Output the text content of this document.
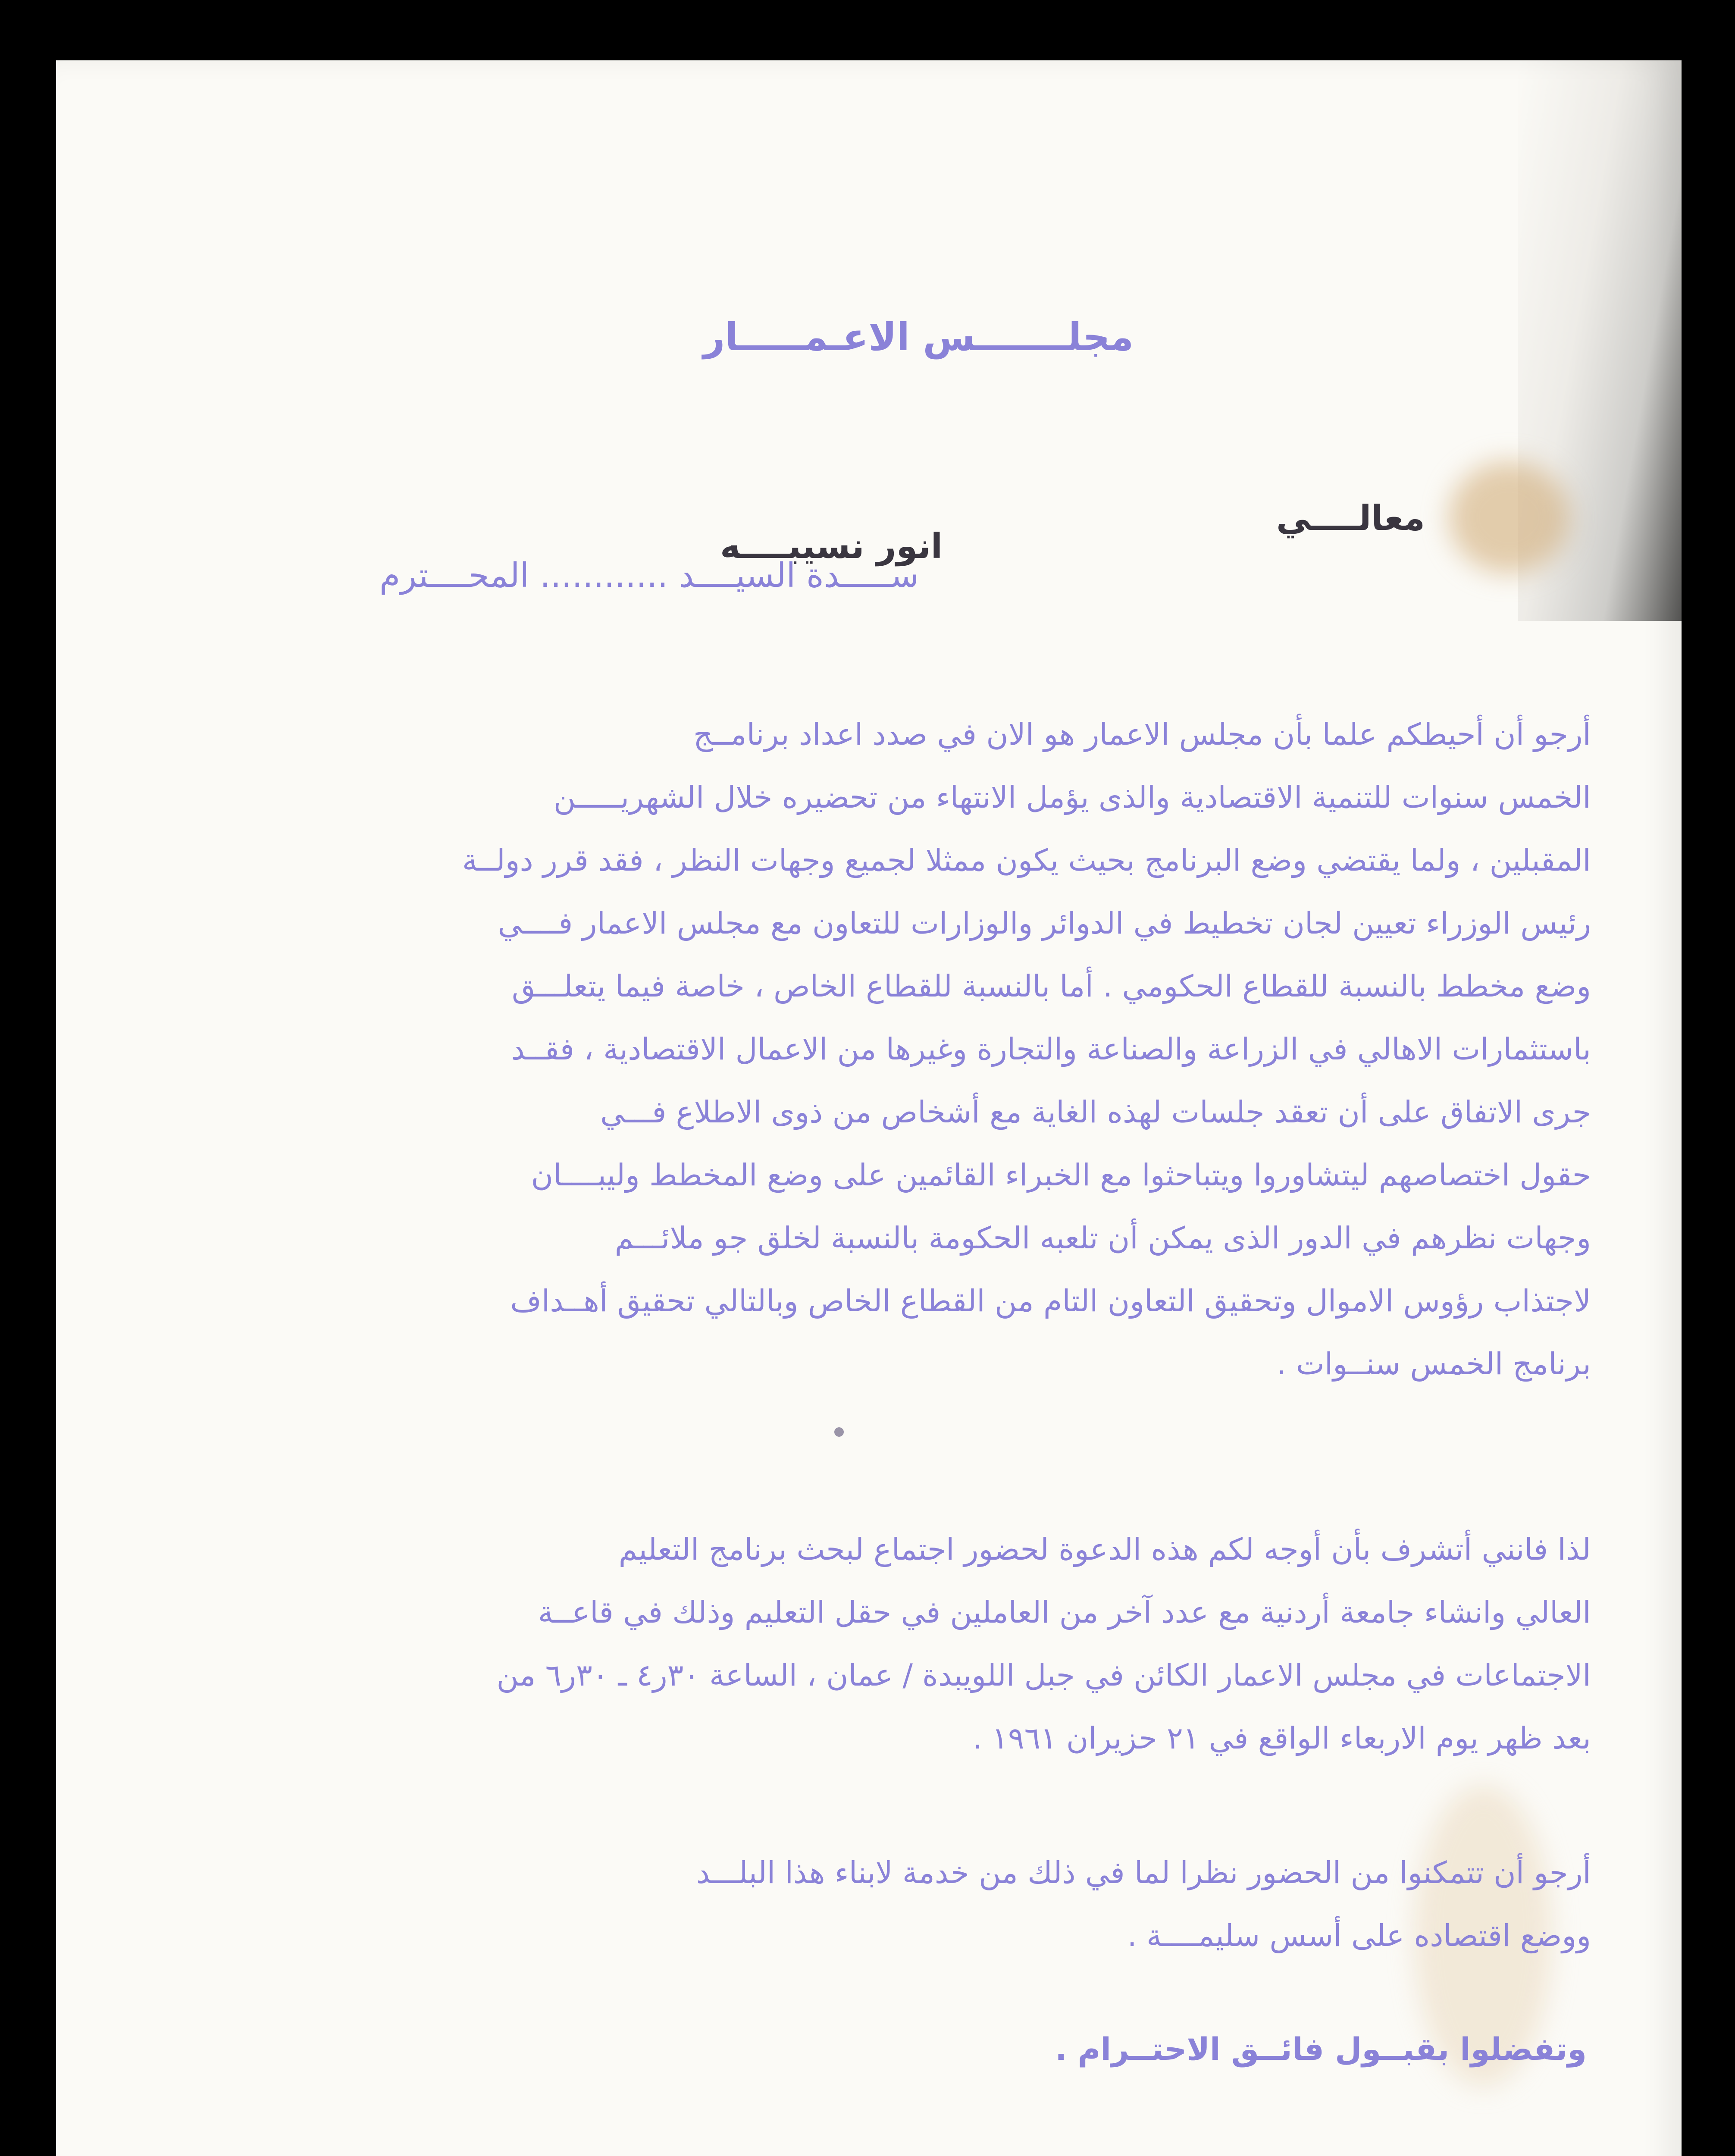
مجلـــــــس الاعـمـــــار
معالــــي
انور نسيبــــه
ســـــدة السيــــد ............ المحــــترم
أرجو أن أحيطكم علما بأن مجلس الاعمار هو الان في صدد اعداد برنامــج
الخمس سنوات للتنمية الاقتصادية والذى يؤمل الانتهاء من تحضيره خلال الشهريـــــن
المقبلين ، ولما يقتضي وضع البرنامج بحيث يكون ممثلا لجميع وجهات النظر ، فقد قرر دولــة
رئيس الوزراء تعيين لجان تخطيط في الدوائر والوزارات للتعاون مع مجلس الاعمار فــــي
وضع مخطط بالنسبة للقطاع الحكومي . أما بالنسبة للقطاع الخاص ، خاصة فيما يتعلـــق
باستثمارات الاهالي في الزراعة والصناعة والتجارة وغيرها من الاعمال الاقتصادية ، فقــد
جرى الاتفاق على أن تعقد جلسات لهذه الغاية مع أشخاص من ذوى الاطلاع فـــي
حقول اختصاصهم ليتشاوروا ويتباحثوا مع الخبراء القائمين على وضع المخطط وليبــــان
وجهات نظرهم في الدور الذى يمكن أن تلعبه الحكومة بالنسبة لخلق جو ملائـــم
لاجتذاب رؤوس الاموال وتحقيق التعاون التام من القطاع الخاص وبالتالي تحقيق أهــداف
برنامج الخمس سنــوات .
لذا فانني أتشرف بأن أوجه لكم هذه الدعوة لحضور اجتماع لبحث برنامج التعليم
العالي وانشاء جامعة أردنية مع عدد آخر من العاملين في حقل التعليم وذلك في قاعــة
الاجتماعات في مجلس الاعمار الكائن في جبل اللويبدة / عمان ، الساعة ٣٠ر٤ ـ ٣٠ر٦ من
بعد ظهر يوم الاربعاء الواقع في ٢١ حزيران ١٩٦١ .
أرجو أن تتمكنوا من الحضور نظرا لما في ذلك من خدمة لابناء هذا البلـــد
ووضع اقتصاده على أسس سليمــــة .
وتفضلوا بقبــول فائــق الاحتــرام .
